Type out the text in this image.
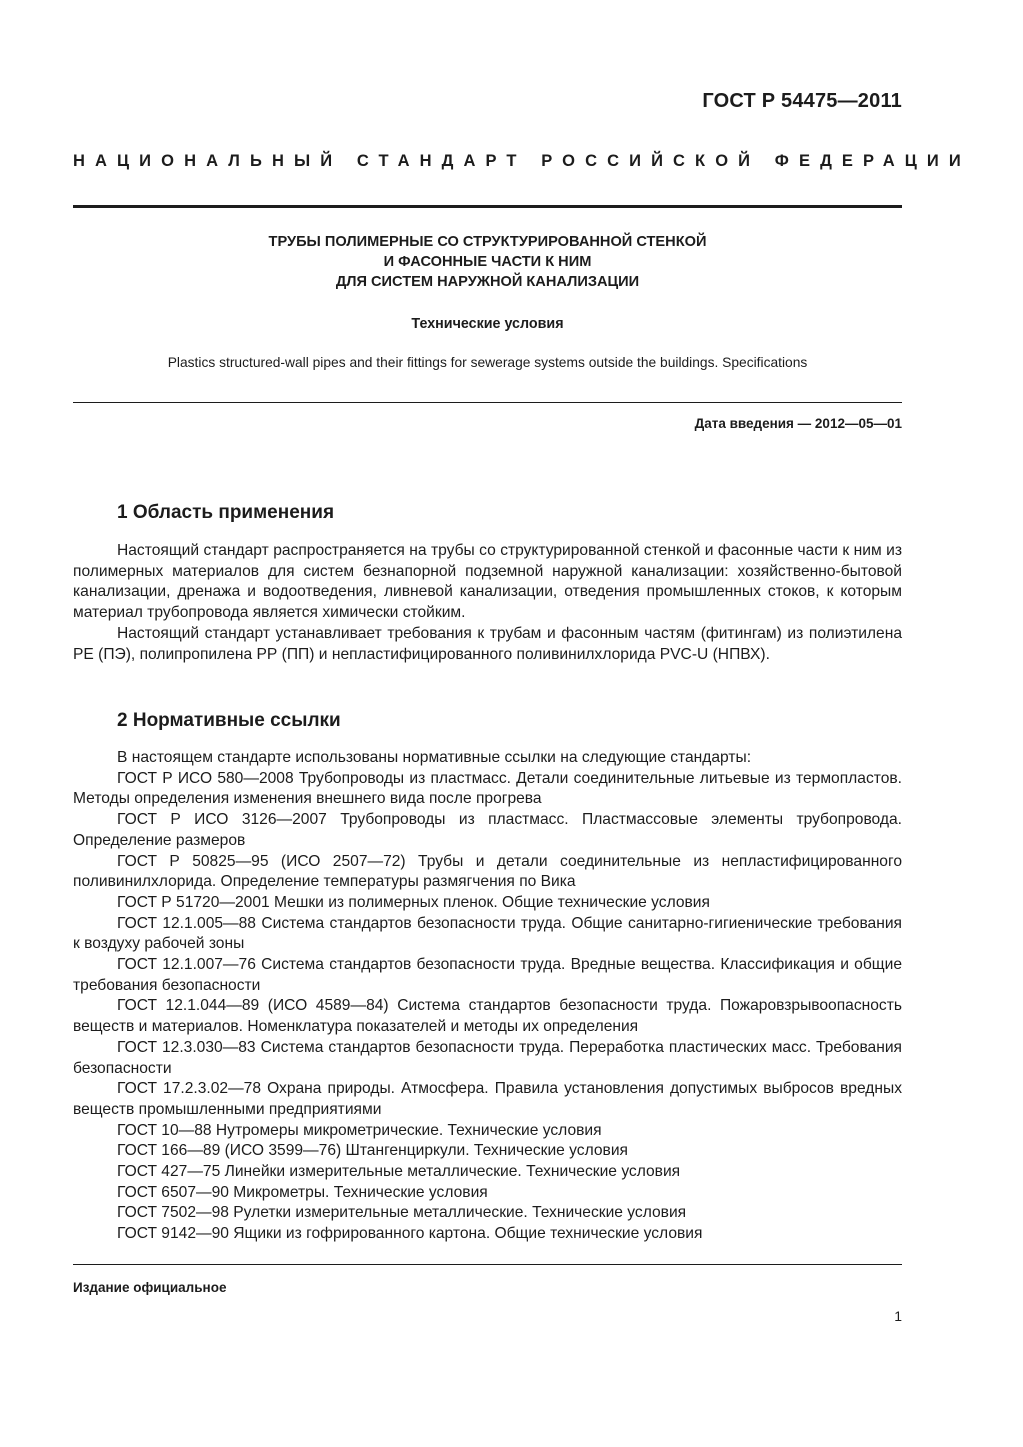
ГОСТ Р 54475—2011
НАЦИОНАЛЬНЫЙ СТАНДАРТ РОССИЙСКОЙ ФЕДЕРАЦИИ
ТРУБЫ ПОЛИМЕРНЫЕ СО СТРУКТУРИРОВАННОЙ СТЕНКОЙ
И ФАСОННЫЕ ЧАСТИ К НИМ
ДЛЯ СИСТЕМ НАРУЖНОЙ КАНАЛИЗАЦИИ
Технические условия
Plastics structured-wall pipes and their fittings for sewerage systems outside the buildings. Specifications
Дата введения — 2012—05—01
1 Область применения

Настоящий стандарт распространяется на трубы со структурированной стенкой и фасонные части к ним из полимерных материалов для систем безнапорной подземной наружной канализации: хозяйственно-бытовой канализации, дренажа и водоотведения, ливневой канализации, отведения промышленных стоков, к которым материал трубопровода является химически стойким.

Настоящий стандарт устанавливает требования к трубам и фасонным частям (фитингам) из полиэтилена РЕ (ПЭ), полипропилена РР (ПП) и непластифицированного поливинилхлорида PVC-U (НПВХ).

2 Нормативные ссылки

В настоящем стандарте использованы нормативные ссылки на следующие стандарты:

ГОСТ Р ИСО 580—2008 Трубопроводы из пластмасс. Детали соединительные литьевые из термопластов. Методы определения изменения внешнего вида после прогрева

ГОСТ Р ИСО 3126—2007 Трубопроводы из пластмасс. Пластмассовые элементы трубопровода. Определение размеров

ГОСТ Р 50825—95 (ИСО 2507—72) Трубы и детали соединительные из непластифицированного поливинилхлорида. Определение температуры размягчения по Вика

ГОСТ Р 51720—2001 Мешки из полимерных пленок. Общие технические условия

ГОСТ 12.1.005—88 Система стандартов безопасности труда. Общие санитарно-гигиенические требования к воздуху рабочей зоны

ГОСТ 12.1.007—76 Система стандартов безопасности труда. Вредные вещества. Классификация и общие требования безопасности

ГОСТ 12.1.044—89 (ИСО 4589—84) Система стандартов безопасности труда. Пожаровзрывоопасность веществ и материалов. Номенклатура показателей и методы их определения

ГОСТ 12.3.030—83 Система стандартов безопасности труда. Переработка пластических масс. Требования безопасности

ГОСТ 17.2.3.02—78 Охрана природы. Атмосфера. Правила установления допустимых выбросов вредных веществ промышленными предприятиями

ГОСТ 10—88 Нутромеры микрометрические. Технические условия

ГОСТ 166—89 (ИСО 3599—76) Штангенциркули. Технические условия

ГОСТ 427—75 Линейки измерительные металлические. Технические условия

ГОСТ 6507—90 Микрометры. Технические условия

ГОСТ 7502—98 Рулетки измерительные металлические. Технические условия

ГОСТ 9142—90 Ящики из гофрированного картона. Общие технические условия

Издание официальное
1
